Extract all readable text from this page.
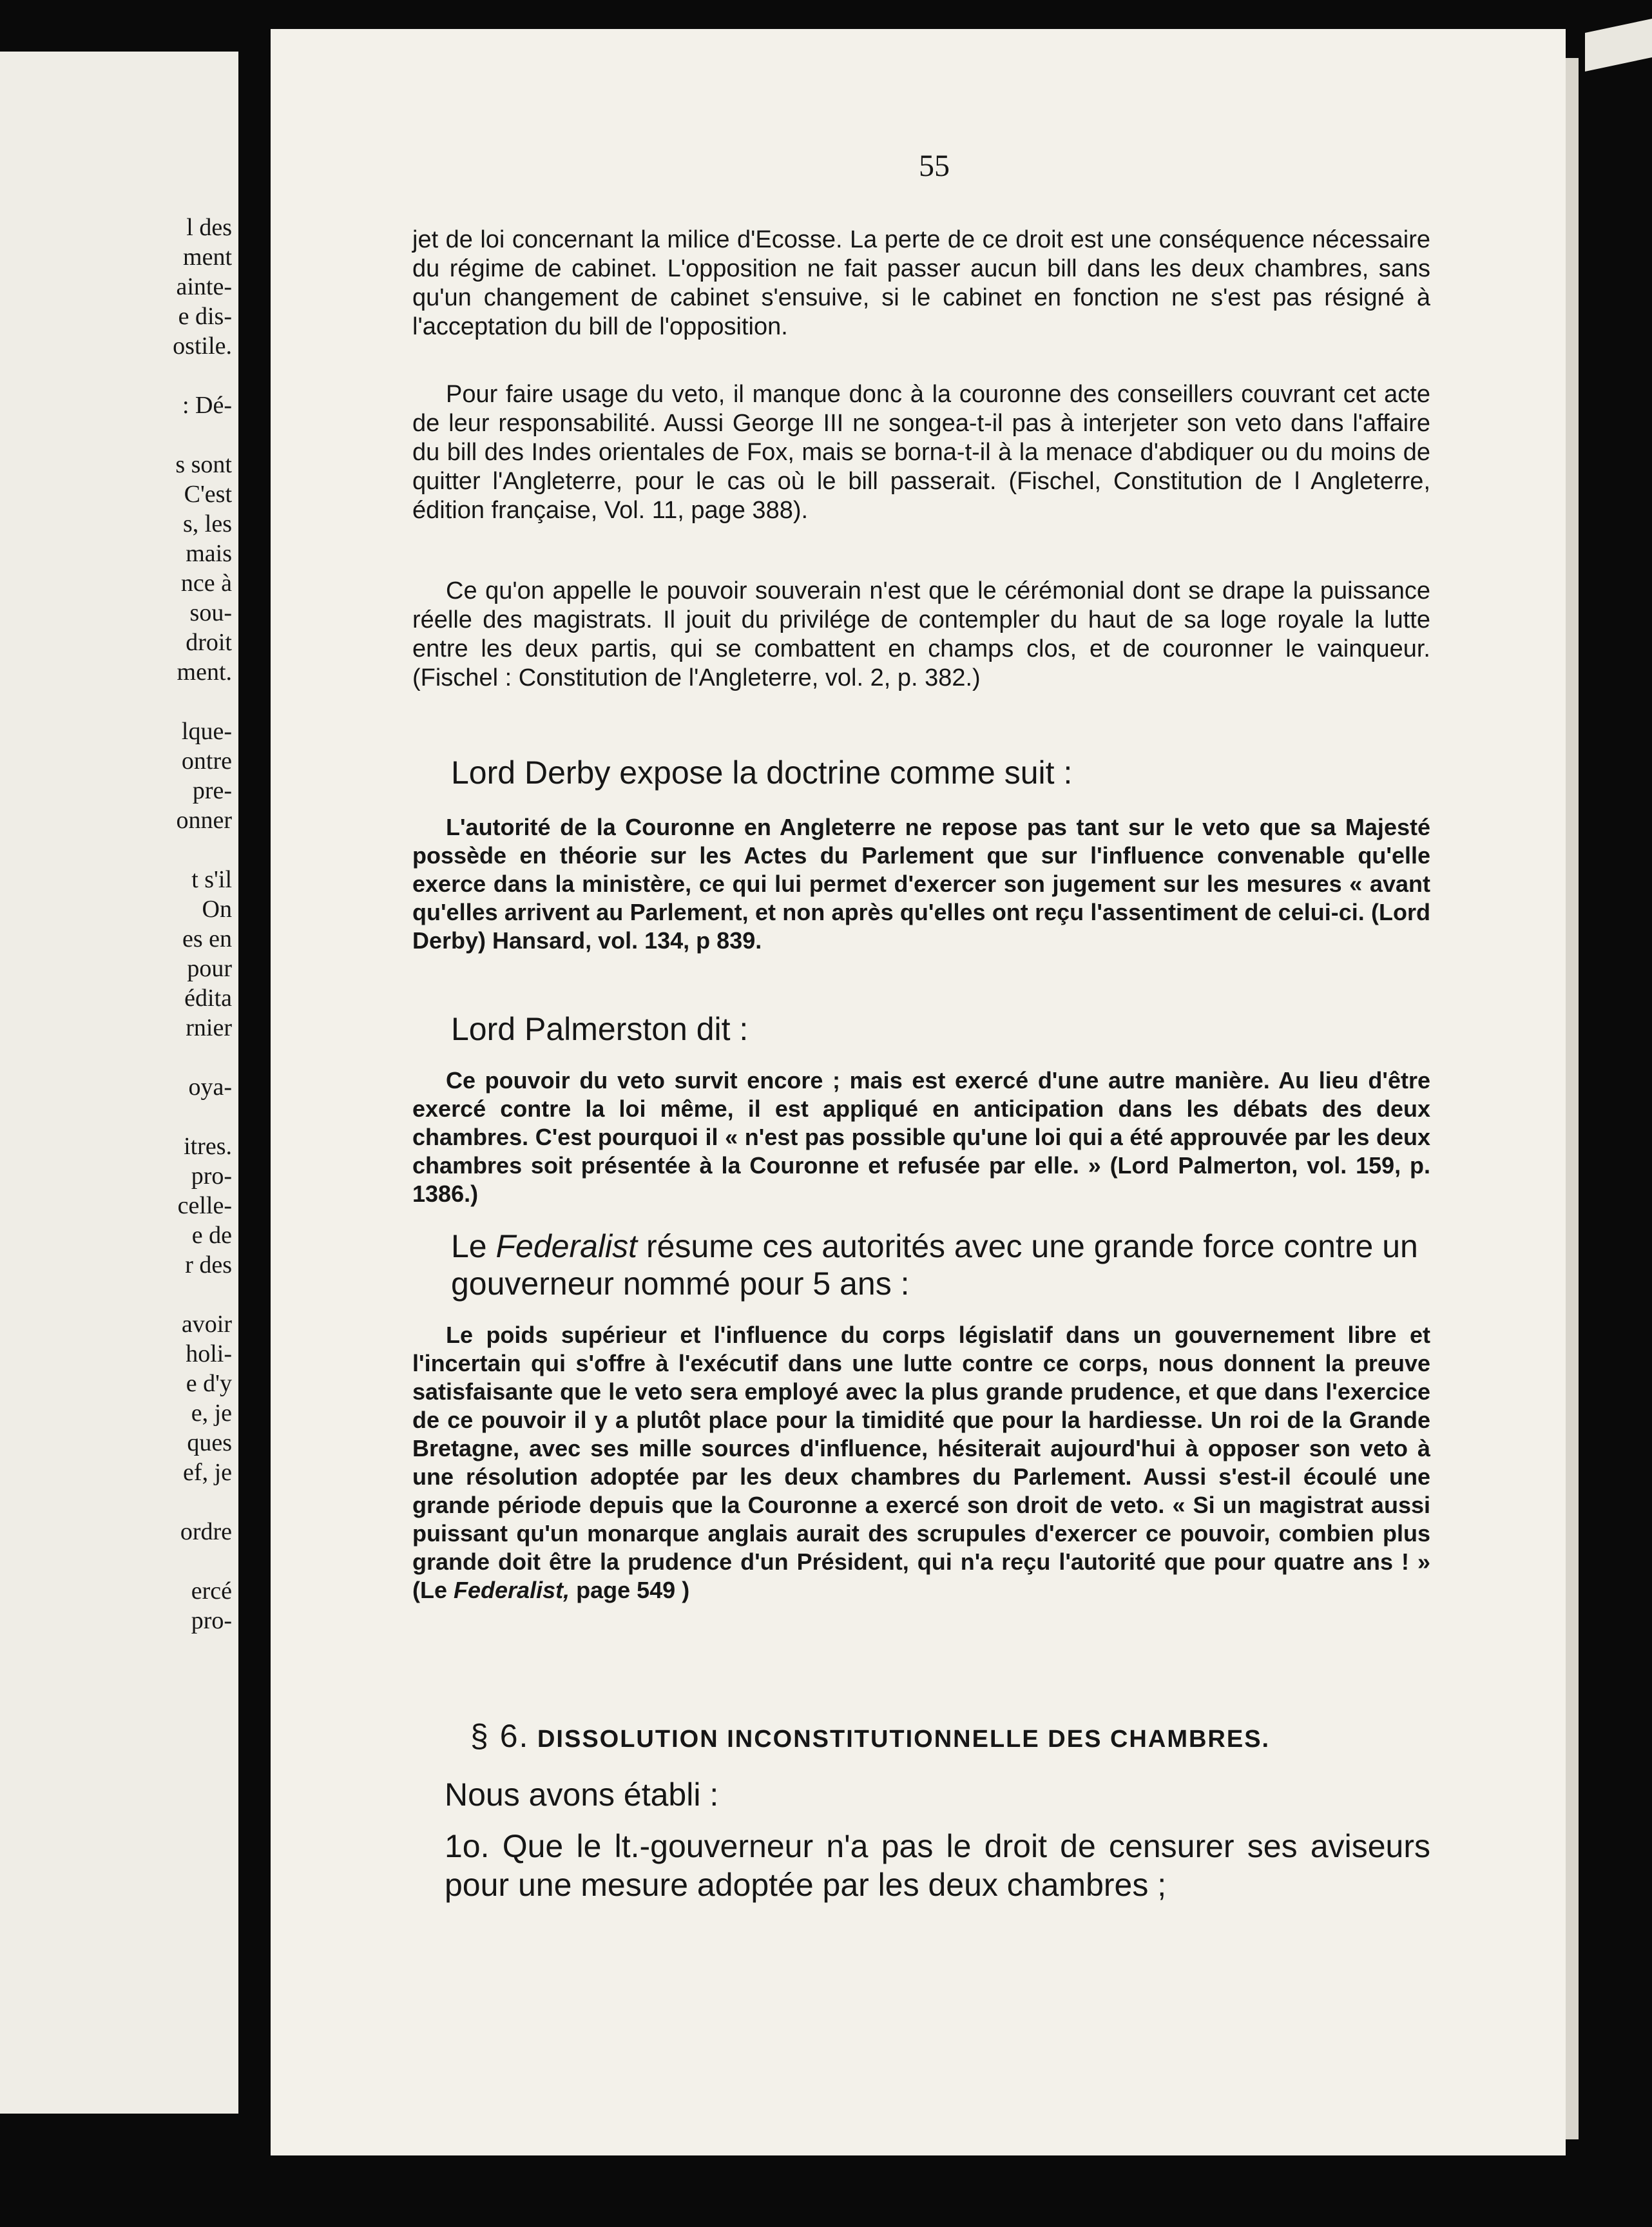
l des
ment
ainte-
e dis-
ostile.
: Dé-
s sont
C'est
s, les
mais
nce à
sou-
droit
ment.
lque-
ontre
pre-
onner
t s'il
On
es en
pour
édita
rnier
oya-
itres.
pro-
celle-
e de
r des
avoir
holi-
e d'y
e, je
ques
ef, je
ordre
ercé
pro-
55

jet de loi concernant la milice d'Ecosse. La perte de ce droit est une conséquence nécessaire du régime de cabinet. L'opposition ne fait passer aucun bill dans les deux chambres, sans qu'un changement de cabinet s'ensuive, si le cabinet en fonction ne s'est pas résigné à l'acceptation du bill de l'opposition.

Pour faire usage du veto, il manque donc à la couronne des conseillers couvrant cet acte de leur responsabilité. Aussi George III ne songea-t-il pas à interjeter son veto dans l'affaire du bill des Indes orientales de Fox, mais se borna-t-il à la menace d'abdiquer ou du moins de quitter l'Angleterre, pour le cas où le bill passerait. (Fischel, Constitution de l Angleterre, édition française, Vol. 11, page 388).

Ce qu'on appelle le pouvoir souverain n'est que le cérémonial dont se drape la puissance réelle des magistrats. Il jouit du privilége de contempler du haut de sa loge royale la lutte entre les deux partis, qui se combattent en champs clos, et de couronner le vainqueur. (Fischel : Constitution de l'Angleterre, vol. 2, p. 382.)

Lord Derby expose la doctrine comme suit :

L'autorité de la Couronne en Angleterre ne repose pas tant sur le veto que sa Majesté possède en théorie sur les Actes du Parlement que sur l'influence convenable qu'elle exerce dans la ministère, ce qui lui permet d'exercer son jugement sur les mesures « avant qu'elles arrivent au Parlement, et non après qu'elles ont reçu l'assentiment de celui-ci. (Lord Derby) Hansard, vol. 134, p 839.

Lord Palmerston dit :

Ce pouvoir du veto survit encore ; mais est exercé d'une autre manière. Au lieu d'être exercé contre la loi même, il est appliqué en anticipation dans les débats des deux chambres. C'est pourquoi il « n'est pas possible qu'une loi qui a été approuvée par les deux chambres soit présentée à la Couronne et refusée par elle. » (Lord Palmerton, vol. 159, p. 1386.)

Le Federalist résume ces autorités avec une grande force contre un gouverneur nommé pour 5 ans :

Le poids supérieur et l'influence du corps législatif dans un gouvernement libre et l'incertain qui s'offre à l'exécutif dans une lutte contre ce corps, nous donnent la preuve satisfaisante que le veto sera employé avec la plus grande prudence, et que dans l'exercice de ce pouvoir il y a plutôt place pour la timidité que pour la hardiesse. Un roi de la Grande Bretagne, avec ses mille sources d'influence, hésiterait aujourd'hui à opposer son veto à une résolution adoptée par les deux chambres du Parlement. Aussi s'est-il écoulé une grande période depuis que la Couronne a exercé son droit de veto. « Si un magistrat aussi puissant qu'un monarque anglais aurait des scrupules d'exercer ce pouvoir, combien plus grande doit être la prudence d'un Président, qui n'a reçu l'autorité que pour quatre ans ! » (Le Federalist, page 549 )

§ 6. DISSOLUTION INCONSTITUTIONNELLE DES CHAMBRES.
Nous avons établi :
1o. Que le lt.-gouverneur n'a pas le droit de censurer ses aviseurs pour une mesure adoptée par les deux chambres ;
